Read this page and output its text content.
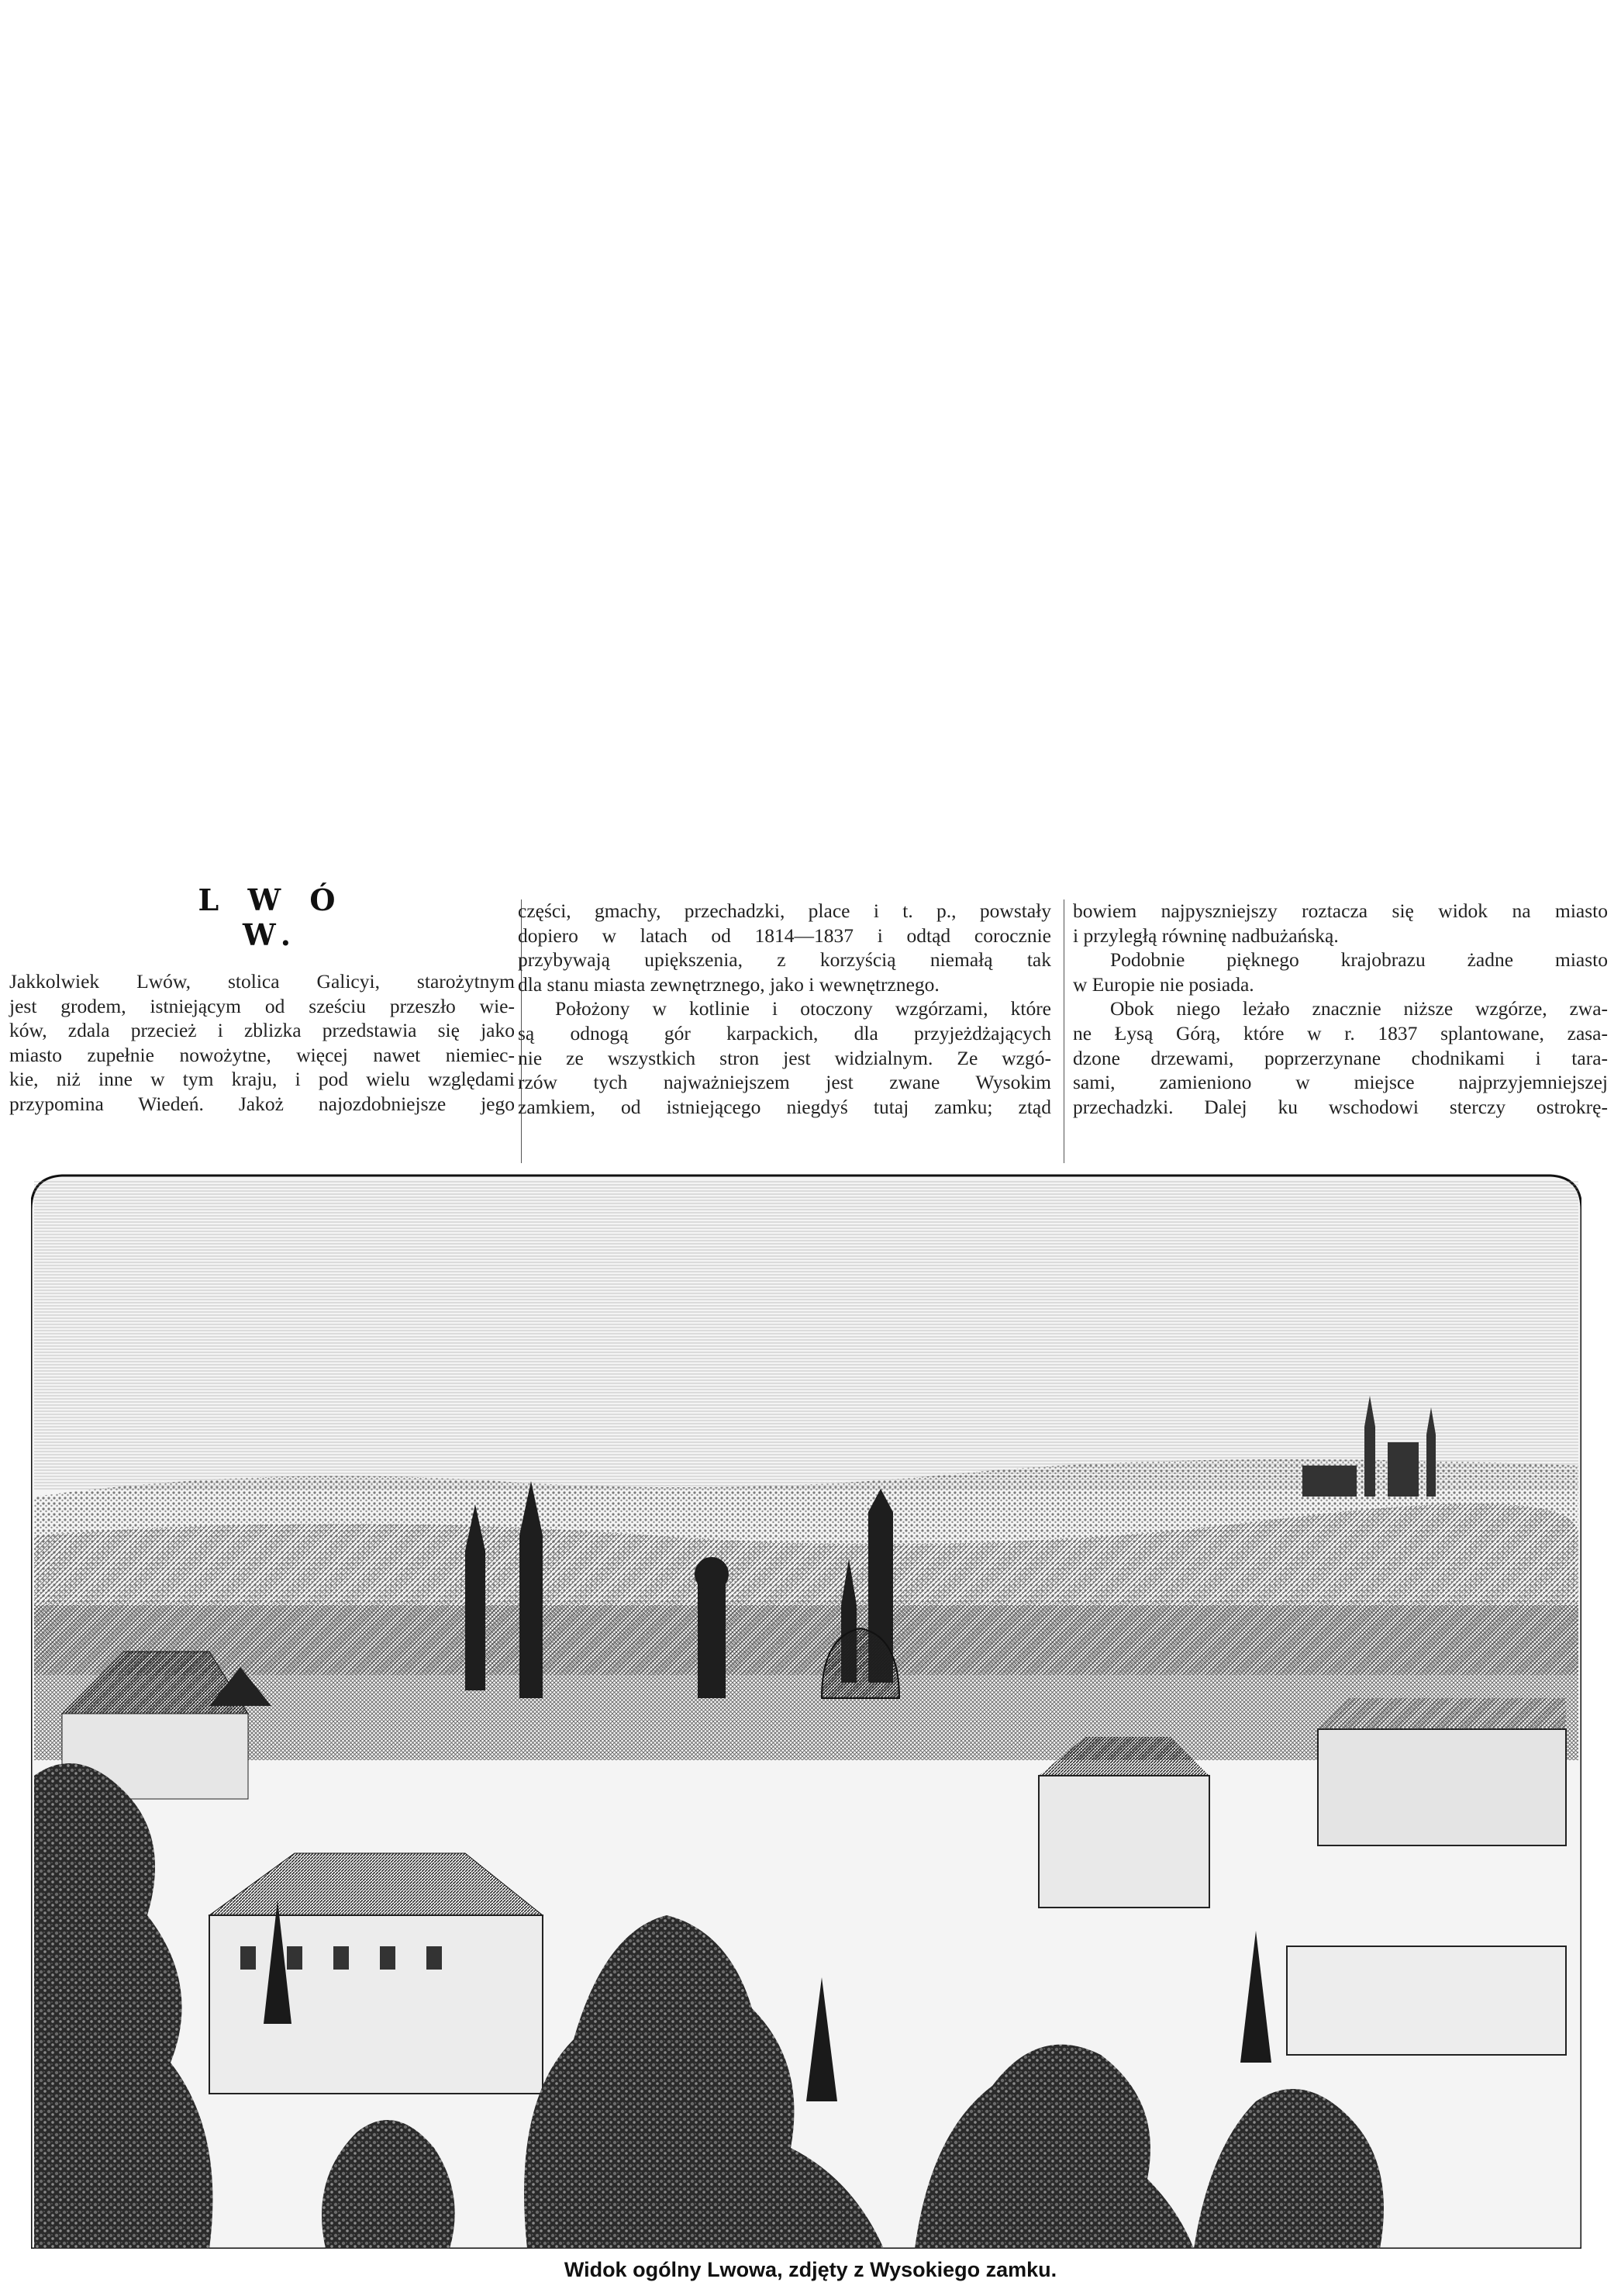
L W Ó W.
Jakkolwiek Lwów, stolica Galicyi, starożytnym
jest grodem, istniejącym od sześciu przeszło wie-
ków, zdala przecież i zblizka przedstawia się jako
miasto zupełnie nowożytne, więcej nawet niemiec-
kie, niż inne w tym kraju, i pod wielu względami
przypomina Wiedeń. Jakoż najozdobniejsze jego
części, gmachy, przechadzki, place i t. p., powstały
dopiero w latach od 1814—1837 i odtąd corocznie
przybywają upiększenia, z korzyścią niemałą tak
dla stanu miasta zewnętrznego, jako i wewnętrznego.
Położony w kotlinie i otoczony wzgórzami, które
są odnogą gór karpackich, dla przyjeżdżających
nie ze wszystkich stron jest widzialnym. Ze wzgó-
rzów tych najważniejszem jest zwane Wysokim
zamkiem, od istniejącego niegdyś tutaj zamku; ztąd
bowiem najpyszniejszy roztacza się widok na miasto
i przyległą równinę nadbużańską.
Podobnie pięknego krajobrazu żadne miasto
w Europie nie posiada.
Obok niego leżało znacznie niższe wzgórze, zwa-
ne Łysą Górą, które w r. 1837 splantowane, zasa-
dzone drzewami, poprzerzynane chodnikami i tara-
sami, zamieniono w miejsce najprzyjemniejszej
przechadzki. Dalej ku wschodowi sterczy ostrokrę-
Widok ogólny Lwowa, zdjęty z Wysokiego zamku.
